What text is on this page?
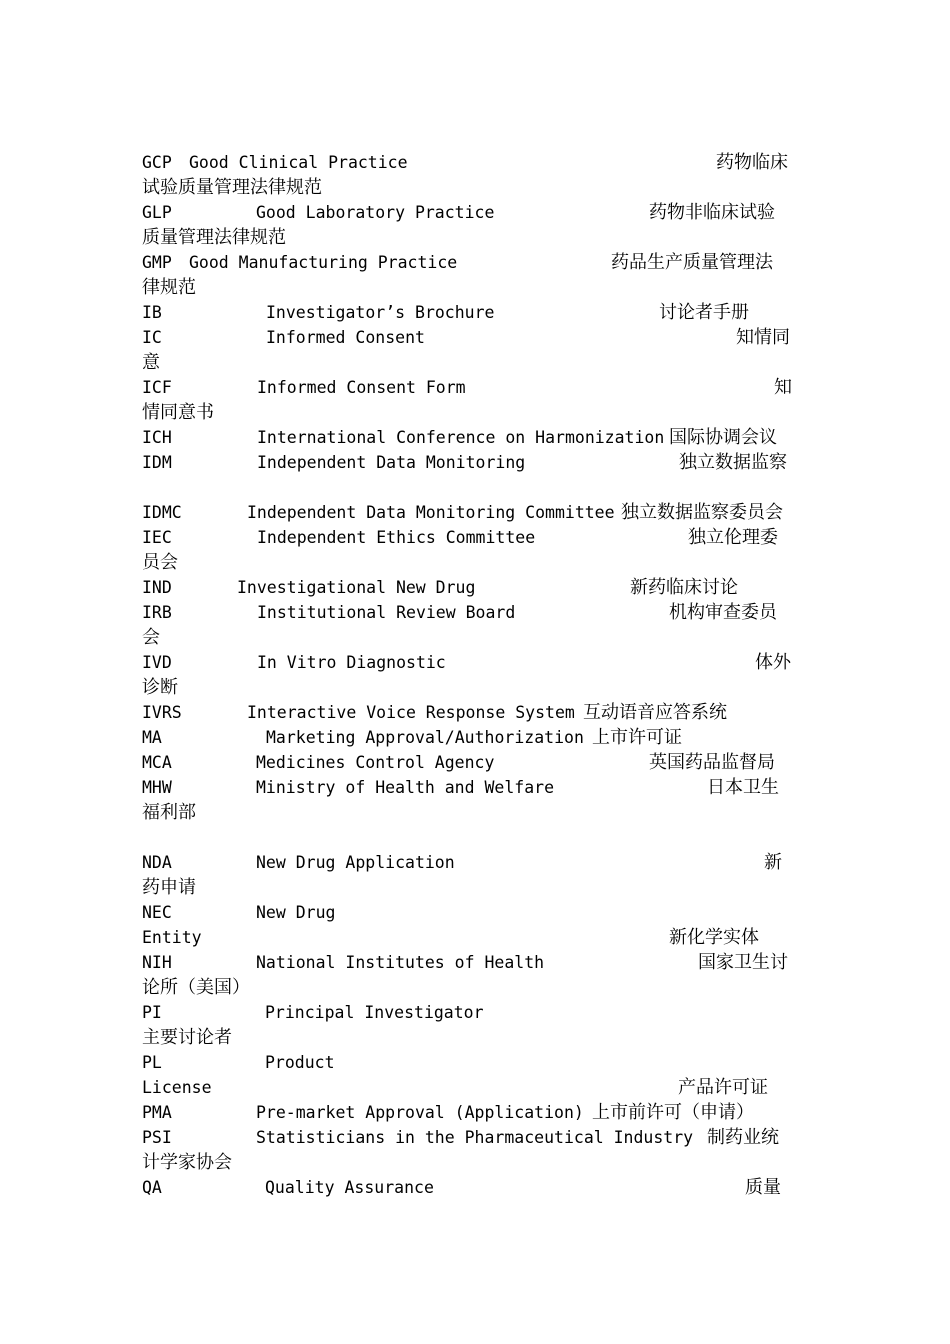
GCP Good Clinical Practice	药物临床
试验质量管理法律规范
GLP	Good Laboratory Practice	药物非临床试验
质量管理法律规范
GMP Good Manufacturing Practice	药品生产质量管理法
律规范
IB	Investigator’s Brochure	讨论者手册
IC	Informed Consent	知情同
意
ICF	Informed Consent Form	知
情同意书
ICH	International Conference on Harmonization 国际协调会议
IDM	Independent Data Monitoring	独立数据监察
IDMC	Independent Data Monitoring Committee 独立数据监察委员会
IEC	Independent Ethics Committee	独立伦理委
员会
IND	Investigational New Drug	新药临床讨论
IRB	Institutional Review Board	机构审查委员
会
IVD	In Vitro Diagnostic	体外
诊断
IVRS	Interactive Voice Response System 互动语音应答系统
MA	Marketing Approval/Authorization 上市许可证
MCA	Medicines Control Agency	英国药品监督局
MHW	Ministry of Health and Welfare	日本卫生
福利部
NDA	New Drug Application	新
药申请
NEC	New Drug
Entity	新化学实体
NIH	National Institutes of Health	国家卫生讨
论所（美国）
PI	Principal Investigator
主要讨论者
PL	Product
License	产品许可证
PMA	Pre-market Approval (Application) 上市前许可（申请）
PSI	Statisticians in the Pharmaceutical Industry 制药业统
计学家协会
QA	Quality Assurance	质量
